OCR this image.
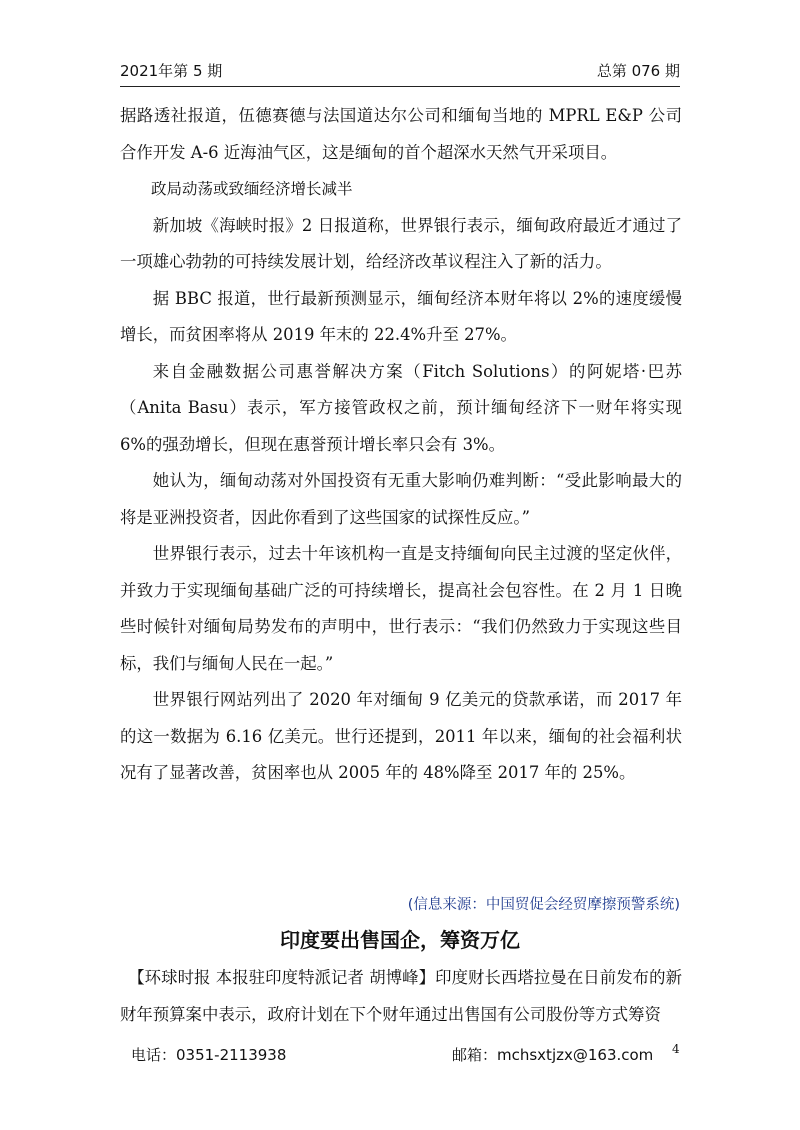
2021年第 5 期	总第 076 期

据路透社报道，伍德赛德与法国道达尔公司和缅甸当地的 MPRL E&P 公司合作开发 A-6 近海油气区，这是缅甸的首个超深水天然气开采项目。

政局动荡或致缅经济增长减半

新加坡《海峡时报》2 日报道称，世界银行表示，缅甸政府最近才通过了一项雄心勃勃的可持续发展计划，给经济改革议程注入了新的活力。

据 BBC 报道，世行最新预测显示，缅甸经济本财年将以 2%的速度缓慢增长，而贫困率将从 2019 年末的 22.4%升至 27%。

来自金融数据公司惠誉解决方案（Fitch Solutions）的阿妮塔·巴苏（Anita Basu）表示，军方接管政权之前，预计缅甸经济下一财年将实现 6%的强劲增长，但现在惠誉预计增长率只会有 3%。

她认为，缅甸动荡对外国投资有无重大影响仍难判断：“受此影响最大的将是亚洲投资者，因此你看到了这些国家的试探性反应。”

世界银行表示，过去十年该机构一直是支持缅甸向民主过渡的坚定伙伴，并致力于实现缅甸基础广泛的可持续增长，提高社会包容性。在 2 月 1 日晚些时候针对缅甸局势发布的声明中，世行表示：“我们仍然致力于实现这些目标，我们与缅甸人民在一起。”

世界银行网站列出了 2020 年对缅甸 9 亿美元的贷款承诺，而 2017 年的这一数据为 6.16 亿美元。世行还提到，2011 年以来，缅甸的社会福利状况有了显著改善，贫困率也从 2005 年的 48%降至 2017 年的 25%。

(信息来源：中国贸促会经贸摩擦预警系统)
印度要出售国企，筹资万亿

【环球时报 本报驻印度特派记者 胡博峰】印度财长西塔拉曼在日前发布的新财年预算案中表示，政府计划在下个财年通过出售国有公司股份等方式筹资

电话：0351-2113938	邮箱：mchsxtjzx@163.com 4
